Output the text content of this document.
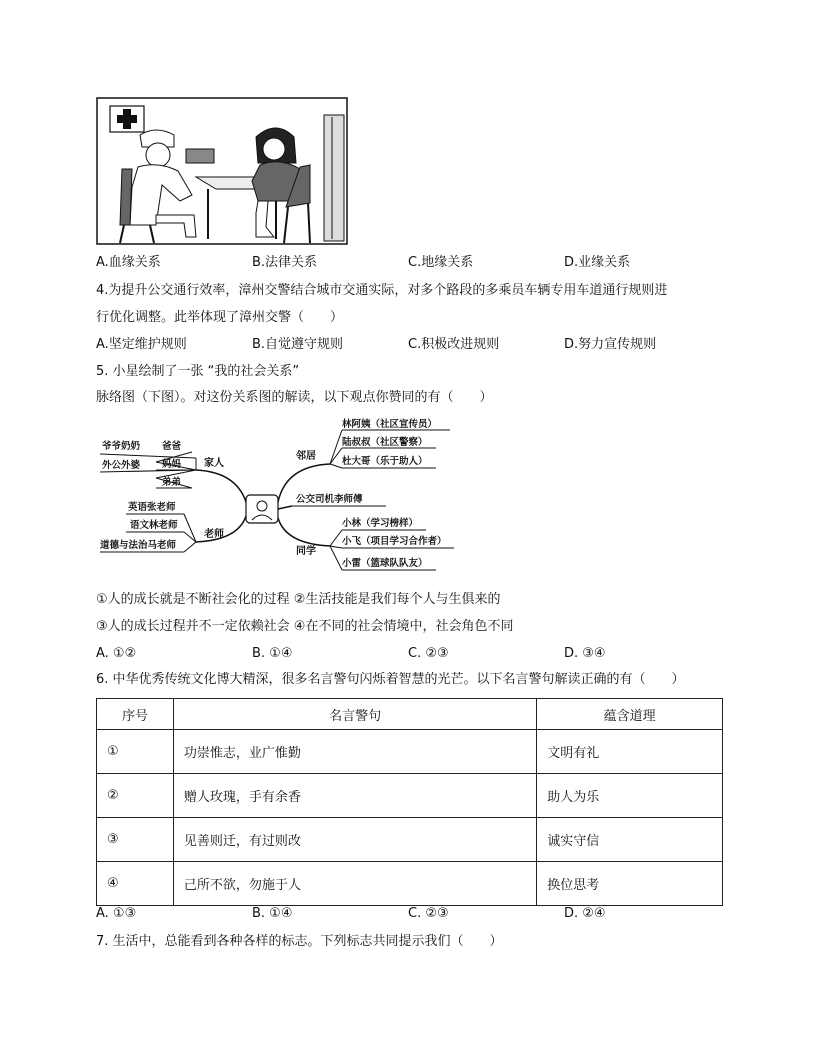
A.血缘关系	B.法律关系	C.地缘关系	D.业缘关系
4.为提升公交通行效率，漳州交警结合城市交通实际，对多个路段的多乘员车辆专用车道通行规则进
行优化调整。此举体现了漳州交警（　　）
A.坚定维护规则	B.自觉遵守规则	C.积极改进规则	D.努力宣传规则
5. 小星绘制了一张 “我的社会关系”
脉络图（下图）。对这份关系图的解读，以下观点你赞同的有（　　）
爷爷奶奶 爸爸
外公外婆 妈妈
弟弟
家人
英语张老师
语文林老师
道德与法治马老师
老师
邻居
林阿姨（社区宣传员）
陆叔叔（社区警察）
杜大哥（乐于助人）
公交司机李师傅
同学
小林（学习榜样）
小飞（项目学习合作者）
小雷（篮球队队友）
①人的成长就是不断社会化的过程 ②生活技能是我们每个人与生俱来的
③人的成长过程并不一定依赖社会 ④在不同的社会情境中，社会角色不同
A. ①②	B. ①④	C. ②③	D. ③④
6. 中华优秀传统文化博大精深，很多名言警句闪烁着智慧的光芒。以下名言警句解读正确的有（　　）
序号	名言警句	蕴含道理
①	功崇惟志，业广惟勤	文明有礼
②	赠人玫瑰，手有余香	助人为乐
③	见善则迁，有过则改	诚实守信
④	己所不欲，勿施于人	换位思考
A. ①③	B. ①④	C. ②③	D. ②④
7. 生活中，总能看到各种各样的标志。下列标志共同提示我们（　　）
